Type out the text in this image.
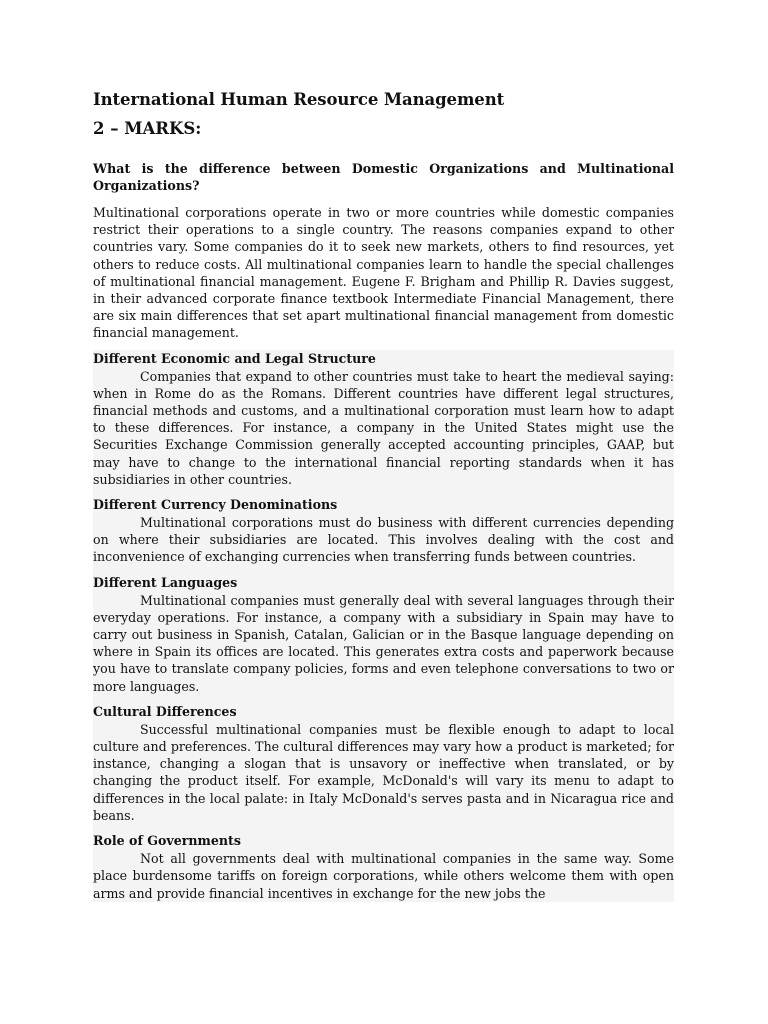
International Human Resource Management
2 – MARKS:
What is the difference between Domestic Organizations and Multinational Organizations?
Multinational corporations operate in two or more countries while domestic companies restrict their operations to a single country. The reasons companies expand to other countries vary. Some companies do it to seek new markets, others to find resources, yet others to reduce costs. All multinational companies learn to handle the special challenges of multinational financial management. Eugene F. Brigham and Phillip R. Davies suggest, in their advanced corporate finance textbook Intermediate Financial Management, there are six main differences that set apart multinational financial management from domestic financial management.
Different Economic and Legal Structure
Companies that expand to other countries must take to heart the medieval saying: when in Rome do as the Romans. Different countries have different legal structures, financial methods and customs, and a multinational corporation must learn how to adapt to these differences. For instance, a company in the United States might use the Securities Exchange Commission generally accepted accounting principles, GAAP, but may have to change to the international financial reporting standards when it has subsidiaries in other countries.
Different Currency Denominations
Multinational corporations must do business with different currencies depending on where their subsidiaries are located. This involves dealing with the cost and inconvenience of exchanging currencies when transferring funds between countries.
Different Languages
Multinational companies must generally deal with several languages through their everyday operations. For instance, a company with a subsidiary in Spain may have to carry out business in Spanish, Catalan, Galician or in the Basque language depending on where in Spain its offices are located. This generates extra costs and paperwork because you have to translate company policies, forms and even telephone conversations to two or more languages.
Cultural Differences
Successful multinational companies must be flexible enough to adapt to local culture and preferences. The cultural differences may vary how a product is marketed; for instance, changing a slogan that is unsavory or ineffective when translated, or by changing the product itself. For example, McDonald's will vary its menu to adapt to differences in the local palate: in Italy McDonald's serves pasta and in Nicaragua rice and beans.
Role of Governments
Not all governments deal with multinational companies in the same way. Some place burdensome tariffs on foreign corporations, while others welcome them with open arms and provide financial incentives in exchange for the new jobs the
